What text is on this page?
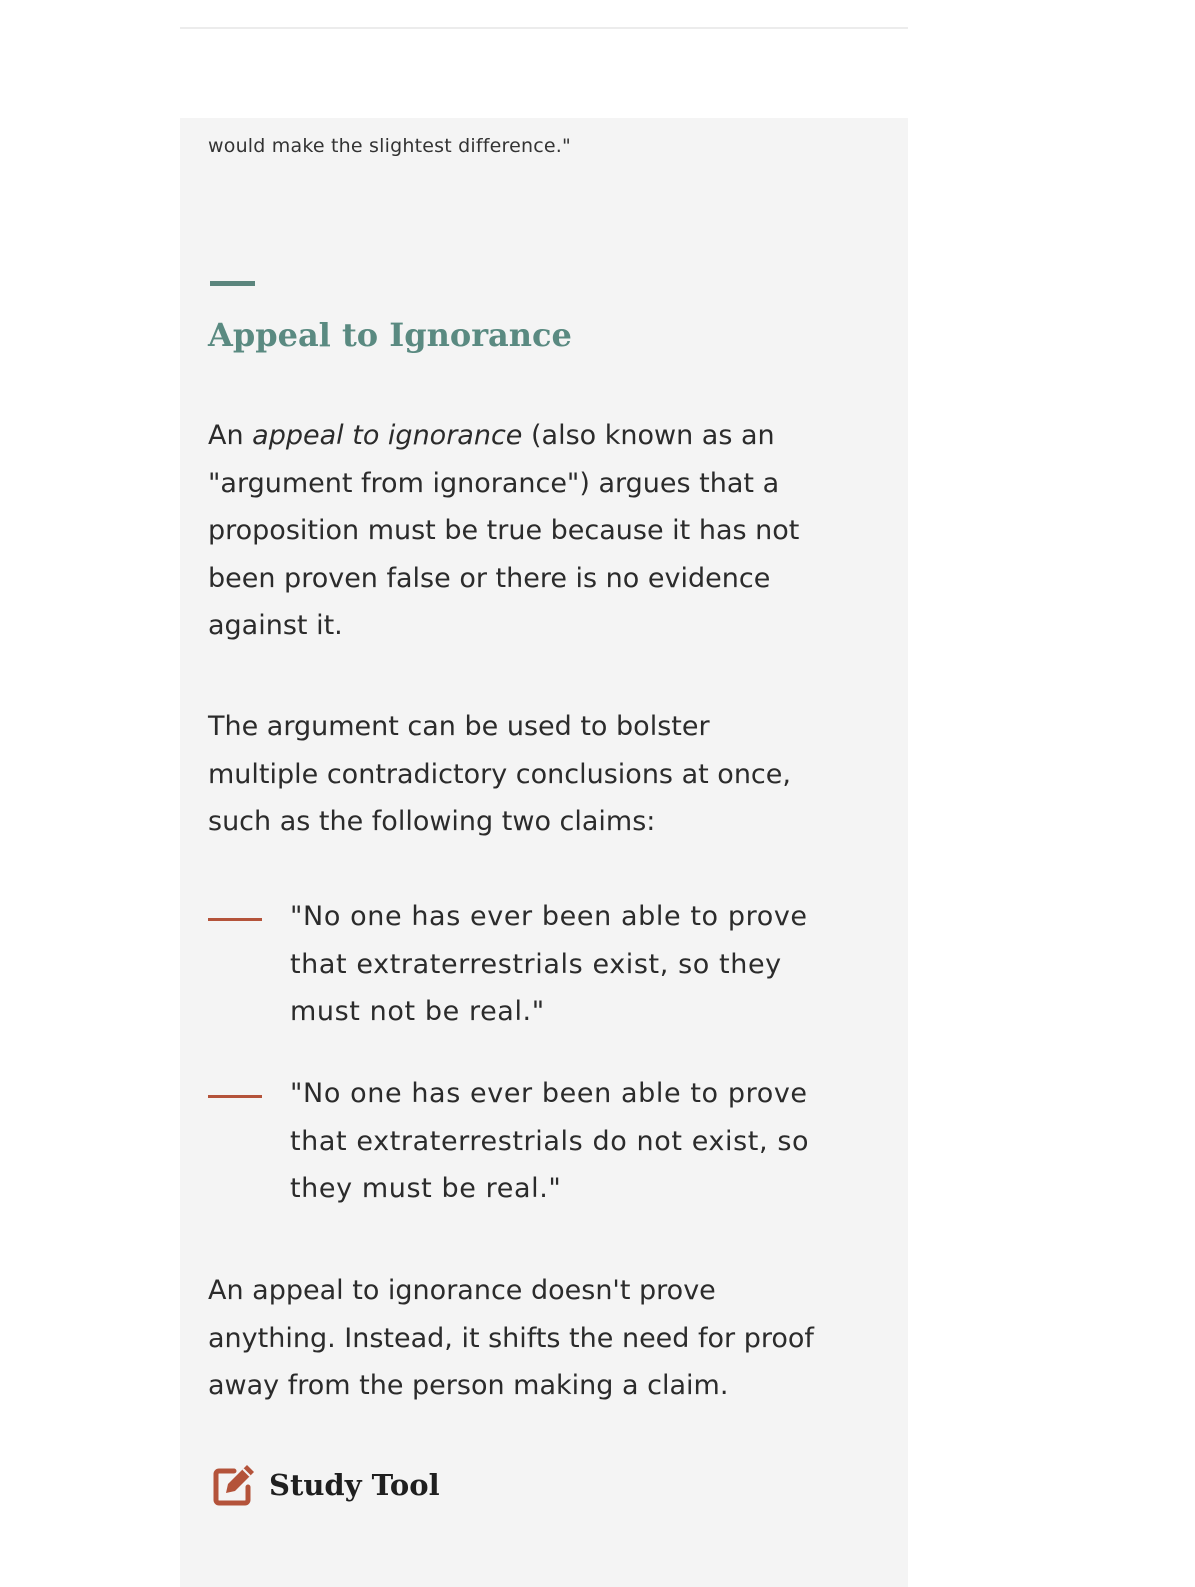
would make the slightest difference."
Appeal to Ignorance

An appeal to ignorance (also known as an
"argument from ignorance") argues that a
proposition must be true because it has not
been proven false or there is no evidence
against it.

The argument can be used to bolster
multiple contradictory conclusions at once,
such as the following two claims:

"No one has ever been able to prove
that extraterrestrials exist, so they
must not be real."
"No one has ever been able to prove
that extraterrestrials do not exist, so
they must be real."

An appeal to ignorance doesn't prove
anything. Instead, it shifts the need for proof
away from the person making a claim.

Study Tool
